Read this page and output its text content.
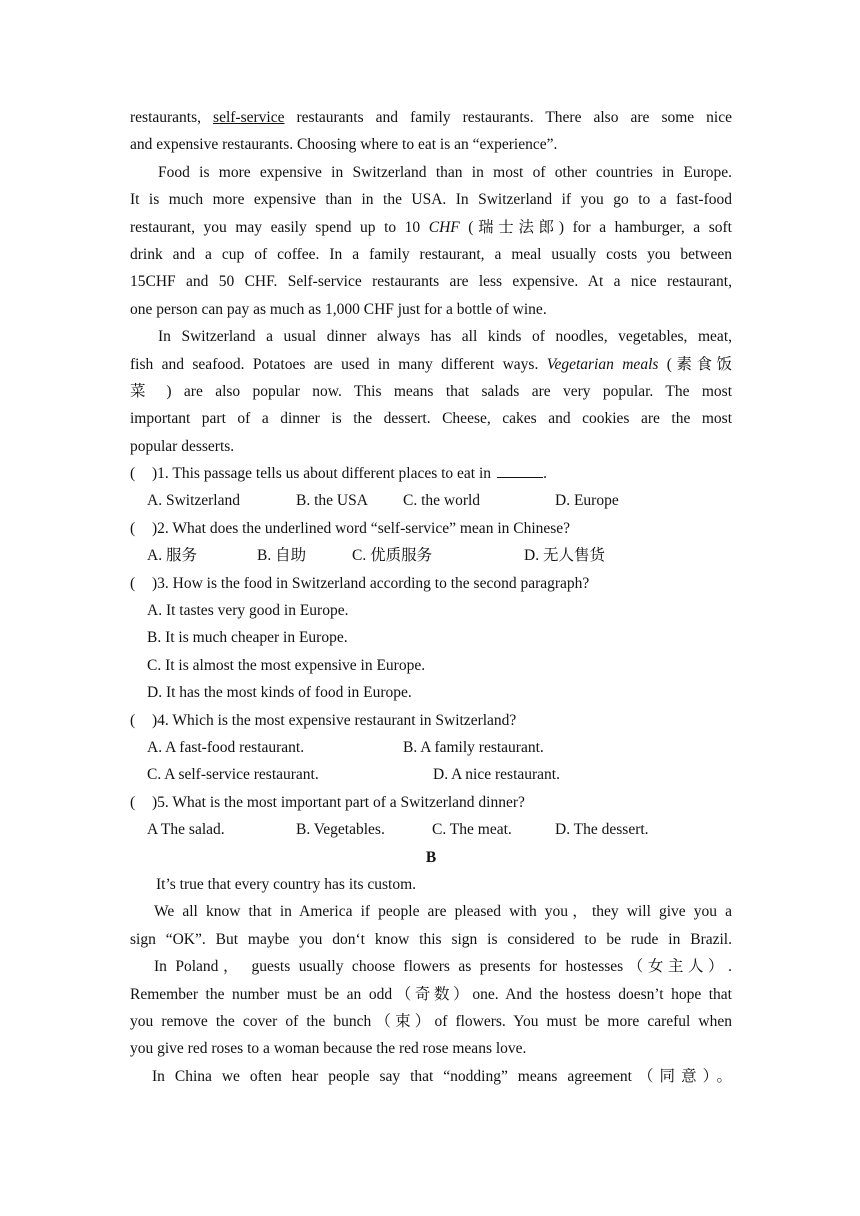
restaurants, self-service restaurants and family restaurants. There also are some nice
and expensive restaurants. Choosing where to eat is an “experience”.
Food is more expensive in Switzerland than in most of other countries in Europe.
It is much more expensive than in the USA. In Switzerland if you go to a fast-food
restaurant, you may easily spend up to 10 CHF (瑞士法郎) for a hamburger, a soft
drink and a cup of coffee. In a family restaurant, a meal usually costs you between
15CHF and 50 CHF. Self-service restaurants are less expensive. At a nice restaurant,
one person can pay as much as 1,000 CHF just for a bottle of wine.
In Switzerland a usual dinner always has all kinds of noodles, vegetables, meat,
fish and seafood. Potatoes are used in many different ways. Vegetarian meals (素食饭
菜 ) are also popular now. This means that salads are very popular. The most
important part of a dinner is the dessert. Cheese, cakes and cookies are the most
popular desserts.
( )1. This passage tells us about different places to eat in	.
A. Switzerland	B. the USA C. the world	D. Europe
( )2. What does the underlined word “self-service” mean in Chinese?
A. 服务	B. 自助	C. 优质服务	D. 无人售货
( )3. How is the food in Switzerland according to the second paragraph?
A. It tastes very good in Europe.
B. It is much cheaper in Europe.
C. It is almost the most expensive in Europe.
D. It has the most kinds of food in Europe.
( )4. Which is the most expensive restaurant in Switzerland?
A. A fast-food restaurant.	B. A family restaurant.
C. A self-service restaurant.	D. A nice restaurant.
( )5. What is the most important part of a Switzerland dinner?
A The salad.	B. Vegetables.	C. The meat.	D. The dessert.
B
It’s true that every country has its custom.
We all know that in America if people are pleased with you，they will give you a
sign “OK”. But maybe you don‘t know this sign is considered to be rude in Brazil.
In Poland， guests usually choose flowers as presents for hostesses（女主人）.
Remember the number must be an odd（奇数）one. And the hostess doesn’t hope that
you remove the cover of the bunch（束）of flowers. You must be more careful when
you give red roses to a woman because the red rose means love.
In China we often hear people say that “nodding” means agreement（同意）。
